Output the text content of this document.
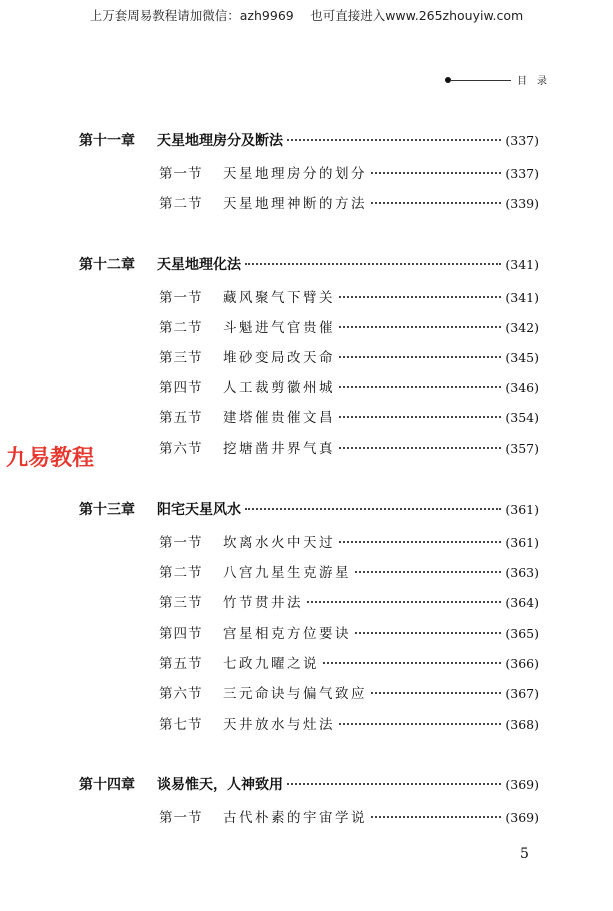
上万套周易教程请加微信：azh9969　 也可直接进入www.265zhouyiw.com
目录
第十一章	天星地理房分及断法	(337)
第一节	天星地理房分的划分	(337)
第二节	天星地理神断的方法	(339)
第十二章	天星地理化法	(341)
第一节	藏风聚气下臂关	(341)
第二节	斗魁进气官贵催	(342)
第三节	堆砂变局改天命	(345)
第四节	人工裁剪徽州城	(346)
第五节	建塔催贵催文昌	(354)
第六节	挖塘凿井界气真	(357)
第十三章	阳宅天星风水	(361)
第一节	坎离水火中天过	(361)
第二节	八宫九星生克游星	(363)
第三节	竹节贯井法	(364)
第四节	宫星相克方位要诀	(365)
第五节	七政九曜之说	(366)
第六节	三元命诀与偏气致应	(367)
第七节	天井放水与灶法	(368)
第十四章	谈易惟天，人神致用	(369)
第一节	古代朴素的宇宙学说	(369)
九易教程
5
